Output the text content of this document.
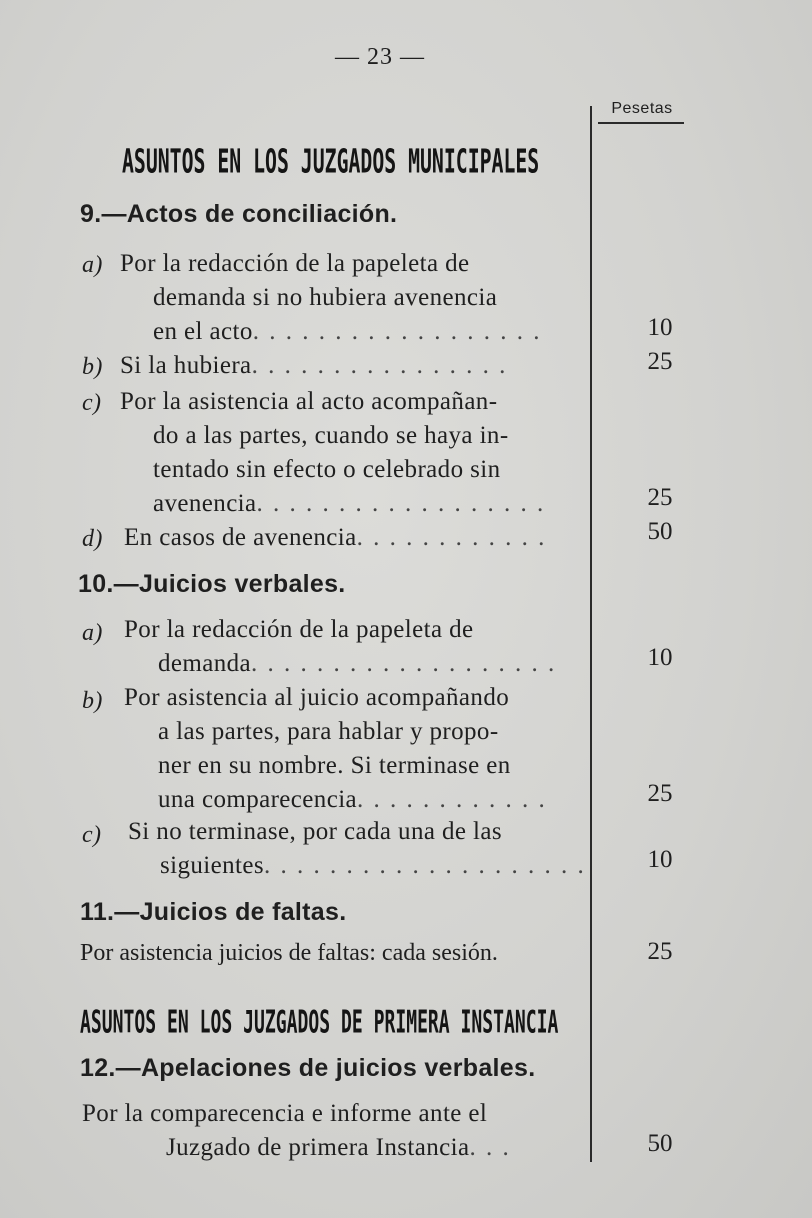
— 23 —
Pesetas
ASUNTOS EN LOS JUZGADOS MUNICIPALES
9.—Actos de conciliación.
a) Por la redacción de la papeleta de
demanda si no hubiera avenencia
en el acto. . . . . . . . . . . . . . . . . .	10
b) Si la hubiera. . . . . . . . . . . . . . . .	25
c) Por la asistencia al acto acompañan-
do a las partes, cuando se haya in-
tentado sin efecto o celebrado sin
avenencia. . . . . . . . . . . . . . . . . .	25
d) En casos de avenencia. . . . . . . . . . . .	50
10.—Juicios verbales.
a) Por la redacción de la papeleta de
demanda. . . . . . . . . . . . . . . . . . .	10
b) Por asistencia al juicio acompañando
a las partes, para hablar y propo-
ner en su nombre. Si terminase en
una comparecencia. . . . . . . . . . . .	25
c) Si no terminase, por cada una de las
siguientes. . . . . . . . . . . . . . . . . . . .	10
11.—Juicios de faltas.
Por asistencia juicios de faltas: cada sesión.	25
ASUNTOS EN LOS JUZGADOS DE PRIMERA INSTANCIA
12.—Apelaciones de juicios verbales.
Por la comparecencia e informe ante el
Juzgado de primera Instancia. . .	50
